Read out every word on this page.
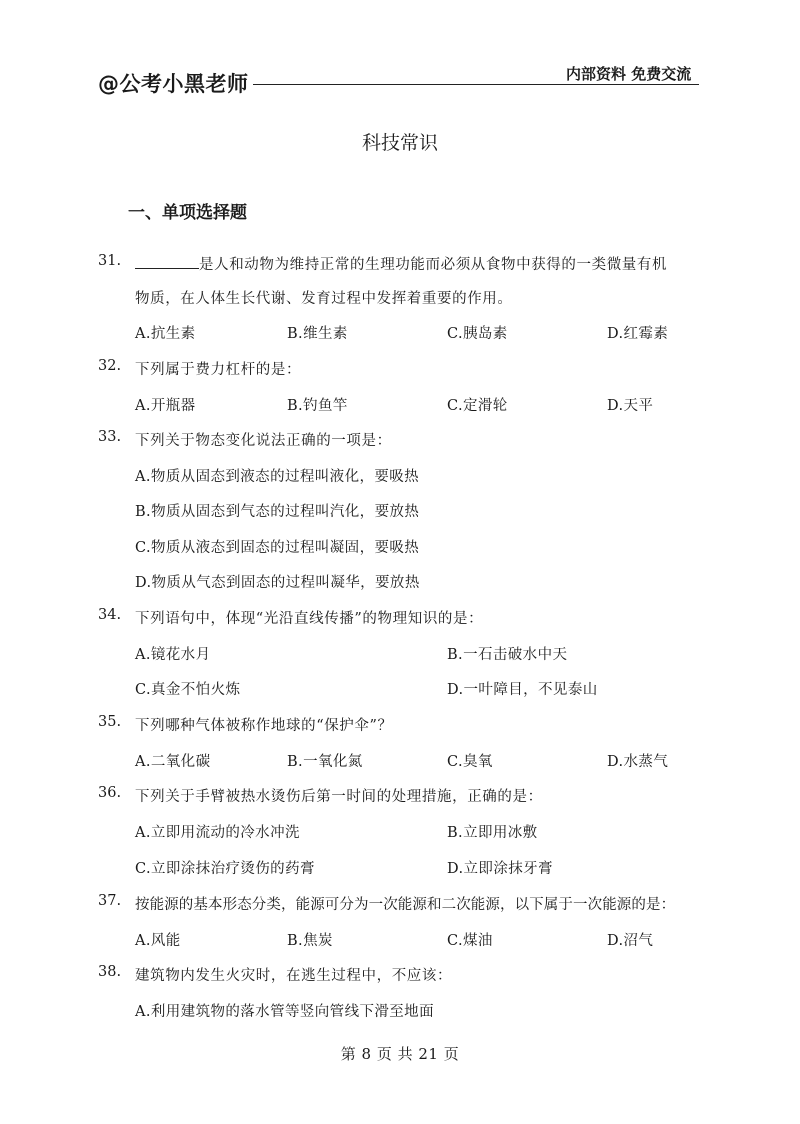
@公考小黑老师	内部资料 免费交流
科技常识
一、单项选择题
31.	是人和动物为维持正常的生理功能而必须从食物中获得的一类微量有机
物质，在人体生长代谢、发育过程中发挥着重要的作用。
A.抗生素	B.维生素	C.胰岛素	D.红霉素
32. 下列属于费力杠杆的是：
A.开瓶器	B.钓鱼竿	C.定滑轮	D.天平
33. 下列关于物态变化说法正确的一项是：
A.物质从固态到液态的过程叫液化，要吸热
B.物质从固态到气态的过程叫汽化，要放热
C.物质从液态到固态的过程叫凝固，要吸热
D.物质从气态到固态的过程叫凝华，要放热
34. 下列语句中，体现“光沿直线传播”的物理知识的是：
A.镜花水月	B.一石击破水中天
C.真金不怕火炼	D.一叶障目，不见泰山
35. 下列哪种气体被称作地球的“保护伞”？
A.二氧化碳	B.一氧化氮	C.臭氧	D.水蒸气
36. 下列关于手臂被热水烫伤后第一时间的处理措施，正确的是：
A.立即用流动的冷水冲洗	B.立即用冰敷
C.立即涂抹治疗烫伤的药膏	D.立即涂抹牙膏
37. 按能源的基本形态分类，能源可分为一次能源和二次能源，以下属于一次能源的是：
A.风能	B.焦炭	C.煤油	D.沼气
38. 建筑物内发生火灾时，在逃生过程中，不应该：
A.利用建筑物的落水管等竖向管线下滑至地面
第 8 页 共 21 页
